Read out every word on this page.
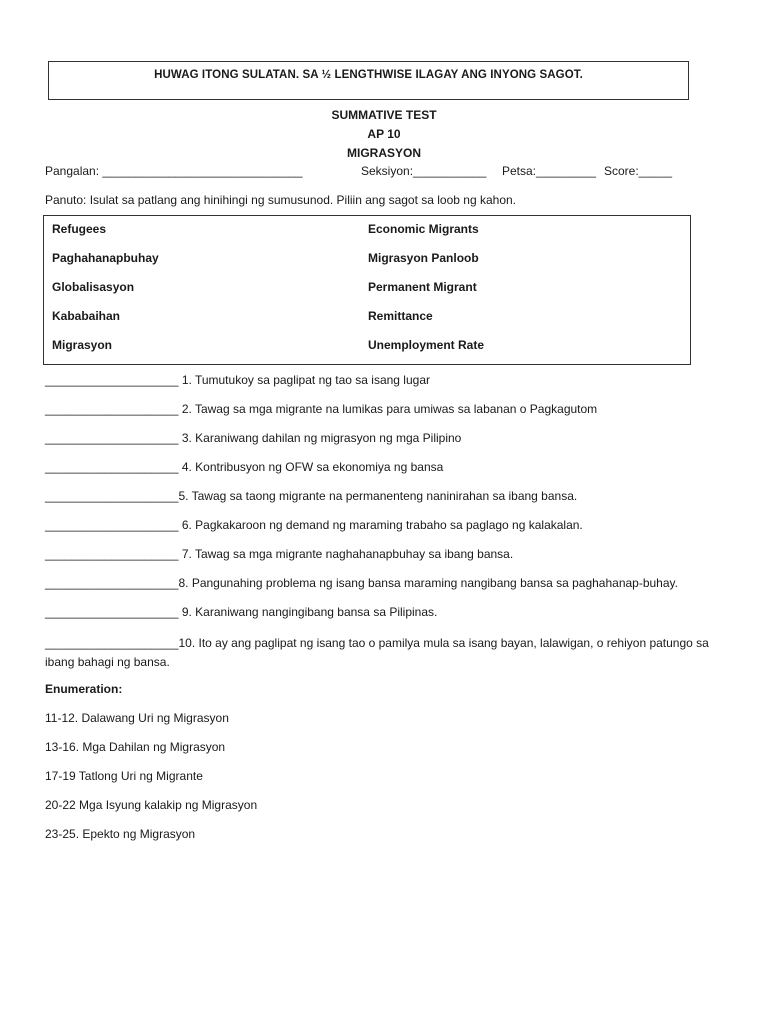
HUWAG ITONG SULATAN. SA ½ LENGTHWISE ILAGAY ANG INYONG SAGOT.
SUMMATIVE TEST
AP 10
MIGRASYON
Pangalan: ______________________________	Seksiyon:___________ Petsa:_________ Score:_____
Panuto: Isulat sa patlang ang hinihingi ng sumusunod. Piliin ang sagot sa loob ng kahon.
Refugees
Paghahanapbuhay
Globalisasyon
Kababaihan
Migrasyon
Economic Migrants
Migrasyon Panloob
Permanent Migrant
Remittance
Unemployment Rate
____________________ 1. Tumutukoy sa paglipat ng tao sa isang lugar
____________________ 2. Tawag sa mga migrante na lumikas para umiwas sa labanan o Pagkagutom
____________________ 3. Karaniwang dahilan ng migrasyon ng mga Pilipino
____________________ 4. Kontribusyon ng OFW sa ekonomiya ng bansa
____________________5. Tawag sa taong migrante na permanenteng naninirahan sa ibang bansa.
____________________ 6. Pagkakaroon ng demand ng maraming trabaho sa paglago ng kalakalan.
____________________ 7. Tawag sa mga migrante naghahanapbuhay sa ibang bansa.
____________________8. Pangunahing problema ng isang bansa maraming nangibang bansa sa paghahanap-buhay.
____________________ 9. Karaniwang nangingibang bansa sa Pilipinas.
____________________10. Ito ay ang paglipat ng isang tao o pamilya mula sa isang bayan, lalawigan, o rehiyon patungo sa ibang bahagi ng bansa.
Enumeration:
11-12. Dalawang Uri ng Migrasyon
13-16. Mga Dahilan ng Migrasyon
17-19 Tatlong Uri ng Migrante
20-22 Mga Isyung kalakip ng Migrasyon
23-25. Epekto ng Migrasyon
